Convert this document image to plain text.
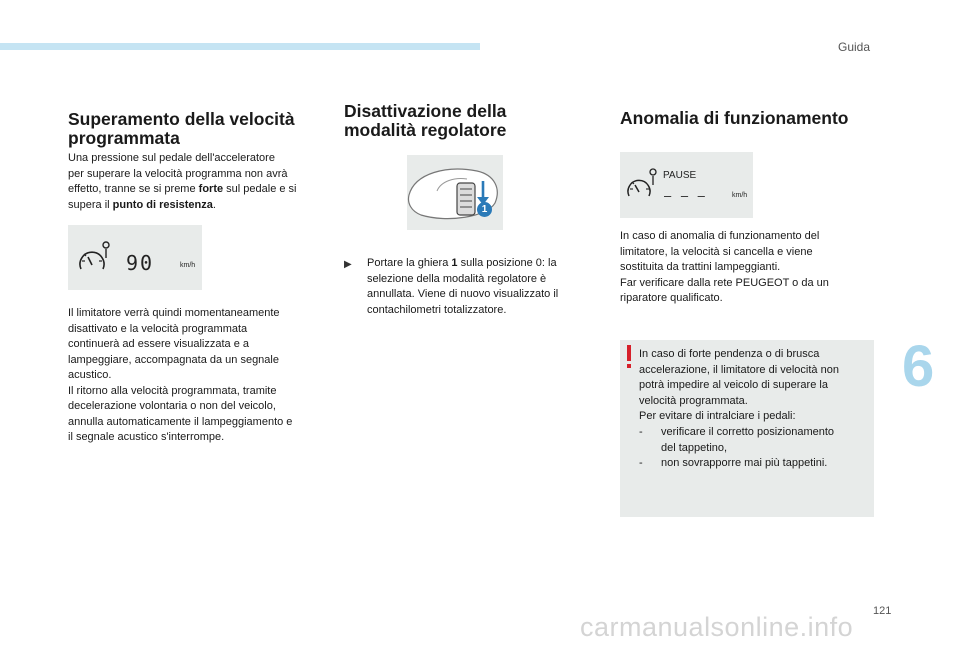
Guida
6
Superamento della velocità
programmata
Una pressione sul pedale dell'acceleratore
per superare la velocità programma non avrà
effetto, tranne se si preme forte sul pedale e si
supera il punto di resistenza.
90	km/h
Il limitatore verrà quindi momentaneamente
disattivato e la velocità programmata
continuerà ad essere visualizzata e a
lampeggiare, accompagnata da un segnale
acustico.
Il ritorno alla velocità programmata, tramite
decelerazione volontaria o non del veicolo,
annulla automaticamente il lampeggiamento e
il segnale acustico s'interrompe.
Disattivazione della
modalità regolatore
1
▶︎ Portare la ghiera 1 sulla posizione 0: la
selezione della modalità regolatore è
annullata. Viene di nuovo visualizzato il
contachilometri totalizzatore.
Anomalia di funzionamento
PAUSE
– – –	km/h
In caso di anomalia di funzionamento del
limitatore, la velocità si cancella e viene
sostituita da trattini lampeggianti.
Far verificare dalla rete PEUGEOT o da un
riparatore qualificato.
In caso di forte pendenza o di brusca
accelerazione, il limitatore di velocità non
potrà impedire al veicolo di superare la
velocità programmata.
Per evitare di intralciare i pedali:
- verificare il corretto posizionamento
del tappetino,
- non sovrapporre mai più tappetini.
121
carmanualsonline.info
